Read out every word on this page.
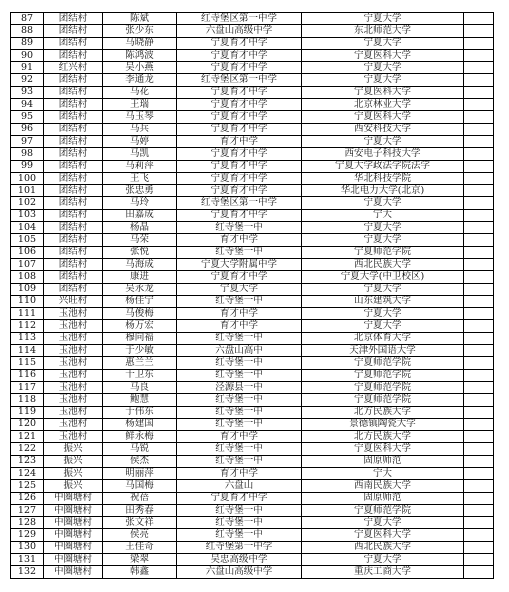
87	团结村	陈斌	红寺堡区第一中学	宁夏大学	
88	团结村	张少东	六盘山高级中学	东北师范大学	
89	团结村	马晓静	宁夏育才中学	宁夏大学	
90	团结村	陈鸿波	宁夏育才中学	宁夏医科大学	
91	红兴村	吴小燕	宁夏育才中学	宁夏大学	
92	团结村	李通龙	红寺堡区第一中学	宁夏大学	
93	团结村	马花	宁夏育才中学	宁夏医科大学	
94	团结村	王瑞	宁夏育才中学	北京林业大学	
95	团结村	马玉琴	宁夏育才中学	宁夏医科大学	
96	团结村	马兵	宁夏育才中学	西安科技大学	
97	团结村	马婷	育才中学	宁夏大学	
98	团结村	马凯	宁夏育才中学	西安电子科技大学	
99	团结村	马莉萍	宁夏育才中学	宁夏大学政法学院法学	
100	团结村	王飞	宁夏育才中学	华北科技学院	
101	团结村	张忠勇	宁夏育才中学	华北电力大学(北京)	
102	团结村	马玲	红寺堡区第一中学	宁夏大学	
103	团结村	田嘉成	宁夏育才中学	宁大	
104	团结村	杨晶	红寺堡一中	宁夏大学	
105	团结村	马荣	育才中学	宁夏大学	
106	团结村	张悦	红寺堡一中	宁夏师范学院	
107	团结村	马海成	宁夏大学附属中学	西北民族大学	
108	团结村	康进	宁夏育才中学	宁夏大学(中卫校区)	
109	团结村	吴永龙	宁夏大学	宁夏大学	
110	兴旺村	杨佳宁	红寺堡一中	山东建筑大学	
111	玉池村	马俊梅	育才中学	宁夏大学	
112	玉池村	杨万宏	育才中学	宁夏大学	
113	玉池村	穆向福	红寺堡一中	北京体育大学	
114	玉池村	于少敏	六盘山高中	天津外国语大学	
115	玉池村	惠兰兰	红寺堡一中	宁夏师范学院	
116	玉池村	干卫东	红寺堡一中	宁夏师范学院	
117	玉池村	马良	泾源县一中	宁夏师范学院	
118	玉池村	鲍慧	红寺堡一中	宁夏师范学院	
119	玉池村	于伟东	红寺堡一中	北方民族大学	
120	玉池村	杨建国	红寺堡一中	景德镇陶瓷大学	
121	玉池村	鲜永梅	育才中学	北方民族大学	
122	振兴	马锐	红寺堡一中	宁夏医科大学	
123	振兴	侯杰	红寺堡一中	固原师范	
124	振兴	明丽萍	育才中学	宁大	
125	振兴	马国梅	六盘山	西南民族大学	
126	中圈塘村	祝蓓	宁夏育才中学	固原师范	
127	中圈塘村	田秀春	红寺堡一中	宁夏师范学院	
128	中圈塘村	张文祥	红寺堡一中	宁夏大学	
129	中圈塘村	侯亮	红寺堡一中	宁夏医科大学	
130	中圈塘村	王佳奇	红寺堡第一中学	西北民族大学	
131	中圈塘村	梁翠	吴忠高级中学	宁夏大学	
132	中圈塘村	韩鑫	六盘山高级中学	重庆工商大学	
